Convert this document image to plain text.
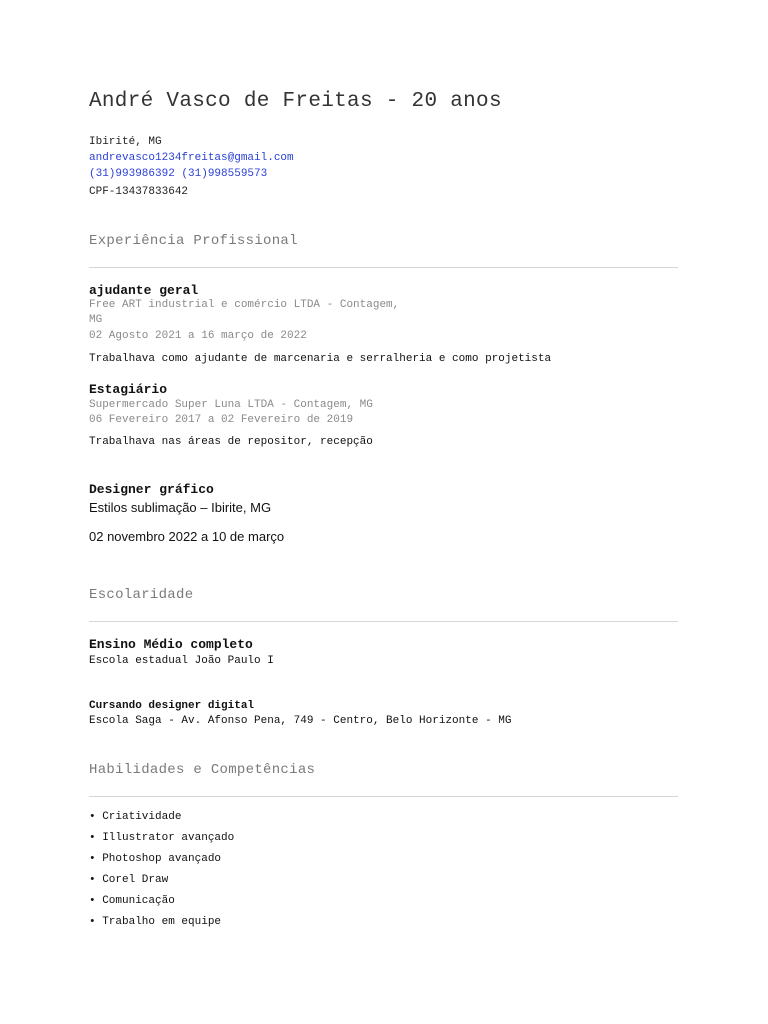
André Vasco de Freitas - 20 anos
Ibirité, MG
andrevasco1234freitas@gmail.com
(31)993986392 (31)998559573
CPF-13437833642
Experiência Profissional
ajudante geral
Free ART industrial e comércio LTDA - Contagem,
MG
02 Agosto 2021 a 16 março de 2022
Trabalhava como ajudante de marcenaria e serralheria e como projetista
Estagiário
Supermercado Super Luna LTDA - Contagem, MG
06 Fevereiro 2017 a 02 Fevereiro de 2019
Trabalhava nas áreas de repositor, recepção
Designer gráfico
Estilos sublimação – Ibirite, MG
02 novembro 2022 a 10 de março
Escolaridade
Ensino Médio completo
Escola estadual João Paulo I
Cursando designer digital
Escola Saga - Av. Afonso Pena, 749 - Centro, Belo Horizonte - MG
Habilidades e Competências
• Criatividade
• Illustrator avançado
• Photoshop avançado
• Corel Draw
• Comunicação
• Trabalho em equipe
